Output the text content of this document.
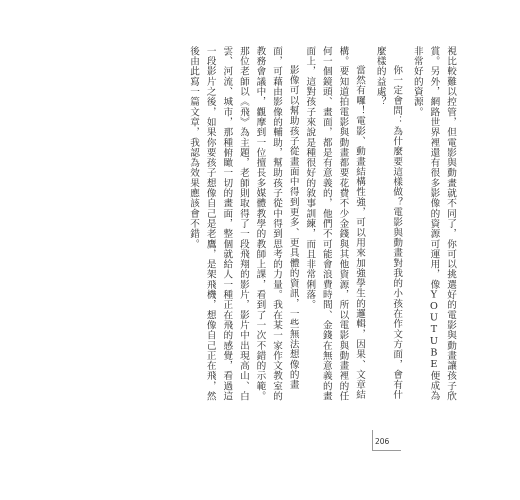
視比較難以控管，但電影與動畫就不同了，你可以挑選好的電影與動畫讓孩子欣賞。另外，網路世界裡還有很多影像的資源可運用，像YOUTUBE便成為非常好的資源。

你一定會問：為什麼要這樣做？電影與動畫對我的小孩在作文方面，會有什麼樣的益處？

當然有囉！電影、動畫結構性強，可以用來加強學生的邏輯，因果、文章結構。要知道拍電影與動畫都要花費不少金錢與其他資源，所以電影與動畫裡的任何一個鏡頭、畫面，都是有意義的，他們不可能會浪費時間、金錢在無意義的畫面上，這對孩子來說是種很好的敘事訓練，而且非常俐落。

影像可以幫助孩子從畫面中得到更多、更具體的資訊，一些無法想像的畫面，可藉由影像的輔助，幫助孩子從中得到思考的力量。我在某一家作文教室的教務會議中，觀摩到一位擅長多媒體教學的教師上課，看到了一次不錯的示範。那位老師以《飛》為主題，老師則取得了一段飛翔的影片，影片中出現高山、白雲、河流、城市，那種俯瞰一切的畫面，整個就給人一種正在飛的感覺，看過這一段影片之後，如果你要孩子想像自己是老鷹，是架飛機，想像自己正在飛，然後由此寫一篇文章，我認為效果應該會不錯。

206
